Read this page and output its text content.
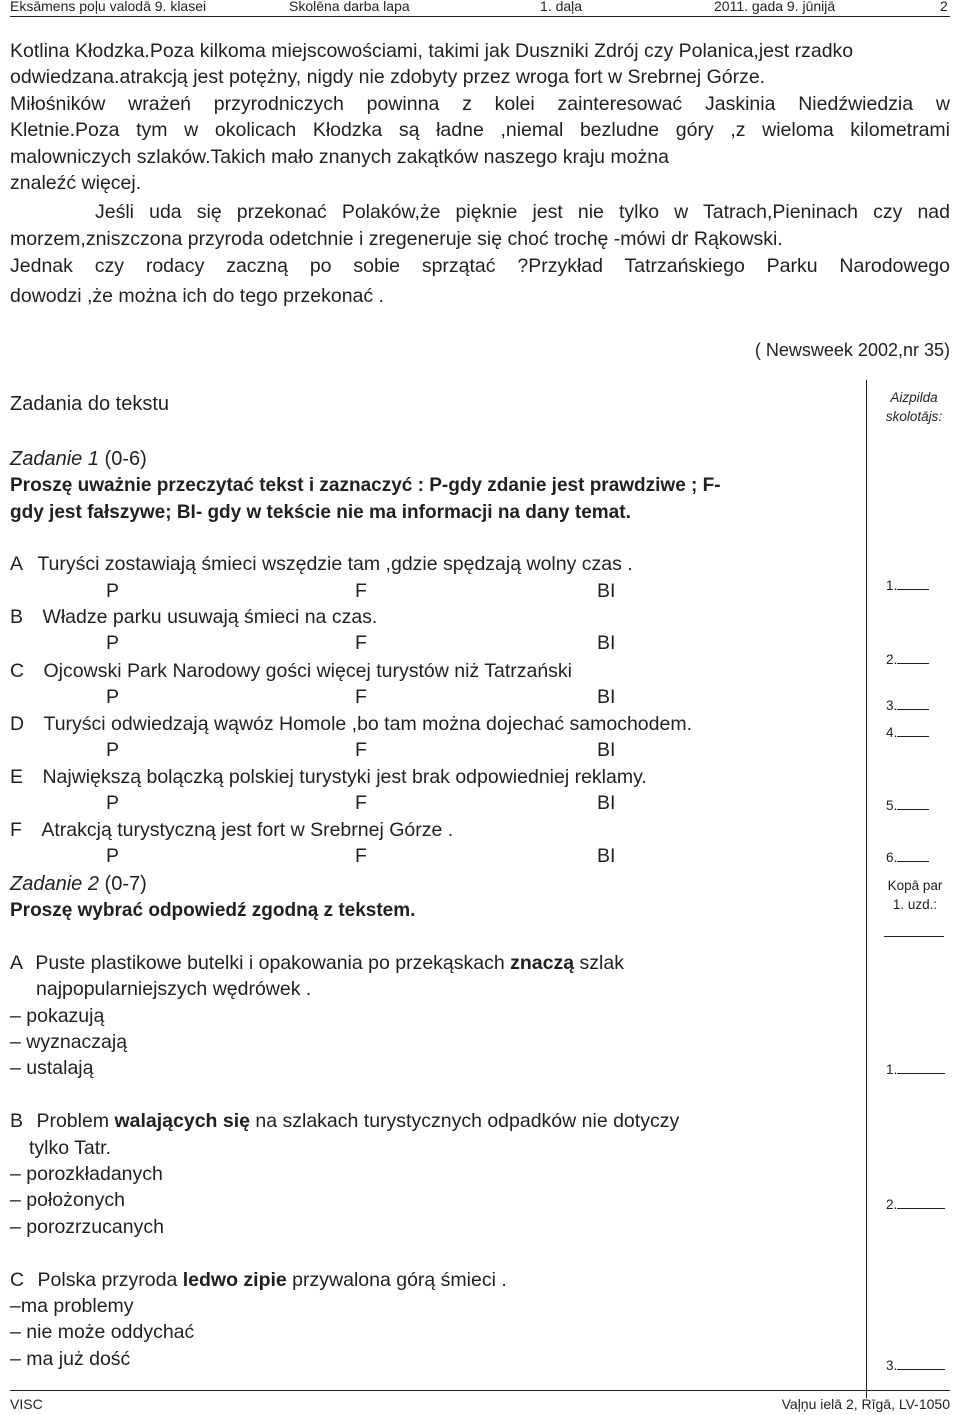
Eksāmens poļu valodā 9. klasei	Skolēna darba lapa	1. daļa	2011. gada 9. jūnijā	2

Kotlina Kłodzka.Poza kilkoma miejscowościami, takimi jak Duszniki Zdrój czy Polanica,jest rzadko

odwiedzana.atrakcją jest potężny, nigdy nie zdobyty przez wroga fort w Srebrnej Górze.

Miłośników wrażeń przyrodniczych powinna z kolei zainteresować Jaskinia Niedźwiedzia w

Kletnie.Poza tym w okolicach Kłodzka są ładne ,niemal bezludne góry ,z wieloma kilometrami

malowniczych szlaków.Takich mało znanych zakątków naszego kraju można

znaleźć więcej.

Jeśli uda się przekonać Polaków,że pięknie jest nie tylko w Tatrach,Pieninach czy nad

morzem,zniszczona przyroda odetchnie i zregeneruje się choć trochę -mówi dr Rąkowski.

Jednak czy rodacy zaczną po sobie sprzątać ?Przykład Tatrzańskiego Parku Narodowego

dowodzi ,że można ich do tego przekonać .

( Newsweek 2002,nr 35)
Zadania do tekstu	Aizpilda
skolotājs:
Zadanie 1 (0-6)
Proszę uważnie przeczytać tekst i zaznaczyć : P-gdy zdanie jest prawdziwe ; F-
gdy jest fałszywe; BI- gdy w tekście nie ma informacji na dany temat.
A Turyści zostawiają śmieci wszędzie tam ,gdzie spędzają wolny czas .
P	F	BI
B Władze parku usuwają śmieci na czas.
P	F	BI
C Ojcowski Park Narodowy gości więcej turystów niż Tatrzański
P	F	BI
D Turyści odwiedzają wąwóz Homole ,bo tam można dojechać samochodem.
P	F	BI
E Największą bolączką polskiej turystyki jest brak odpowiedniej reklamy.
P	F	BI
F Atrakcją turystyczną jest fort w Srebrnej Górze .
P	F	BI
1.
2.
3.
4.
5.
6.
Kopā par
1. uzd.:
Zadanie 2 (0-7)
Proszę wybrać odpowiedź zgodną z tekstem.
A Puste plastikowe butelki i opakowania po przekąskach znaczą szlak
najpopularniejszych wędrówek .
– pokazują
– wyznaczają
– ustalają
B Problem walających się na szlakach turystycznych odpadków nie dotyczy
tylko Tatr.
– porozkładanych
– położonych
– porozrzucanych
C Polska przyroda ledwo zipie przywalona górą śmieci .
–ma problemy
– nie może oddychać
– ma już dość
1.
2.
3.
VISC	Vaļņu ielā 2, Rīgā, LV-1050
